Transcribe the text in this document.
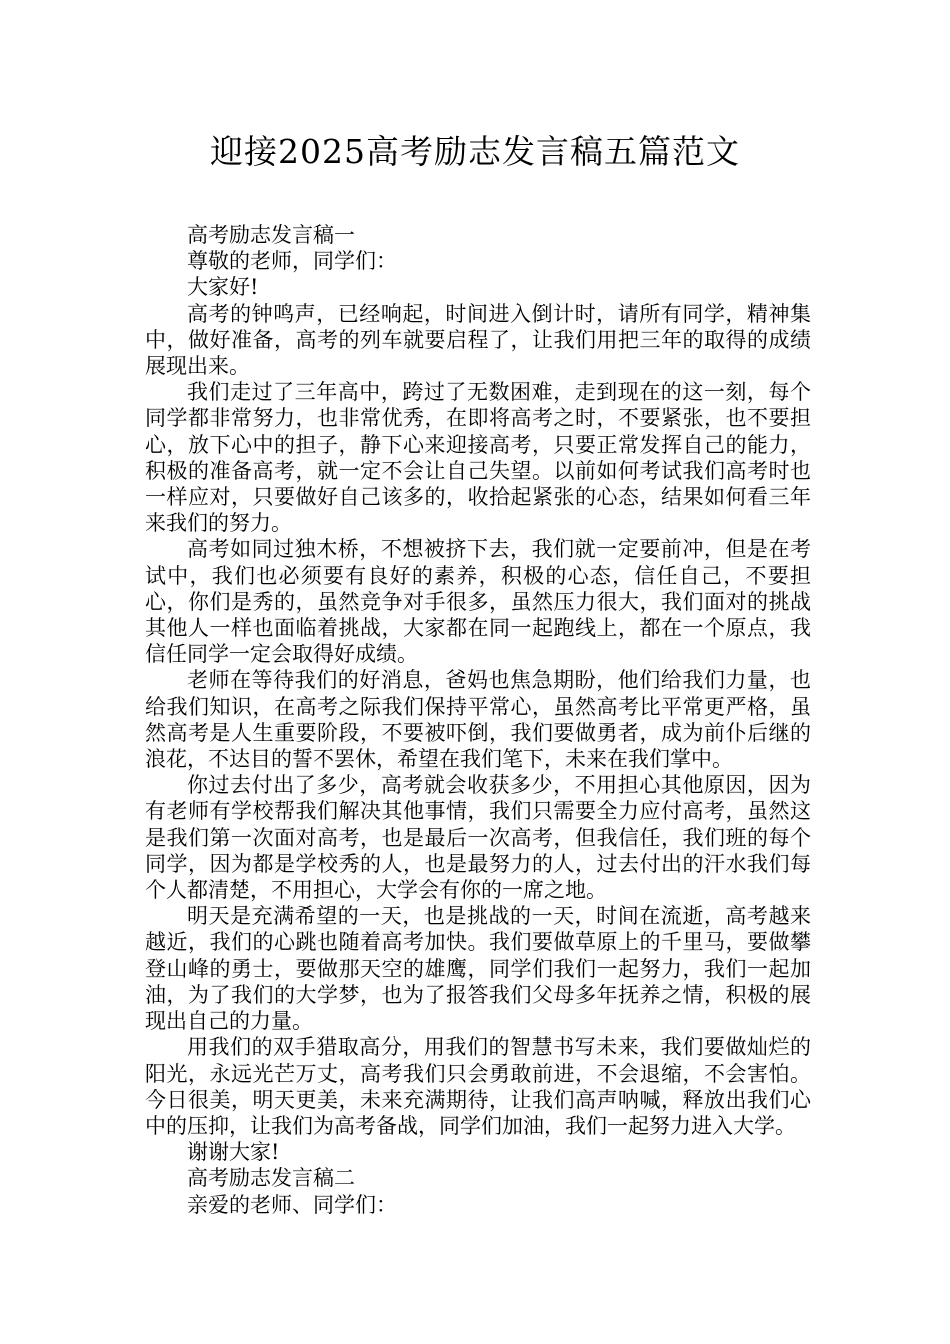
迎接2025高考励志发言稿五篇范文

高考励志发言稿一

尊敬的老师，同学们：

大家好!

高考的钟鸣声，已经响起，时间进入倒计时，请所有同学，精神集中，做好准备，高考的列车就要启程了，让我们用把三年的取得的成绩展现出来。

我们走过了三年高中，跨过了无数困难，走到现在的这一刻，每个同学都非常努力，也非常优秀，在即将高考之时，不要紧张，也不要担心，放下心中的担子，静下心来迎接高考，只要正常发挥自己的能力，积极的准备高考，就一定不会让自己失望。以前如何考试我们高考时也一样应对，只要做好自己该多的，收拾起紧张的心态，结果如何看三年来我们的努力。

高考如同过独木桥，不想被挤下去，我们就一定要前冲，但是在考试中，我们也必须要有良好的素养，积极的心态，信任自己，不要担心，你们是秀的，虽然竞争对手很多，虽然压力很大，我们面对的挑战其他人一样也面临着挑战，大家都在同一起跑线上，都在一个原点，我信任同学一定会取得好成绩。

老师在等待我们的好消息，爸妈也焦急期盼，他们给我们力量，也给我们知识，在高考之际我们保持平常心，虽然高考比平常更严格，虽然高考是人生重要阶段，不要被吓倒，我们要做勇者，成为前仆后继的浪花，不达目的誓不罢休，希望在我们笔下，未来在我们掌中。

你过去付出了多少，高考就会收获多少，不用担心其他原因，因为有老师有学校帮我们解决其他事情，我们只需要全力应付高考，虽然这是我们第一次面对高考，也是最后一次高考，但我信任，我们班的每个同学，因为都是学校秀的人，也是最努力的人，过去付出的汗水我们每个人都清楚，不用担心，大学会有你的一席之地。

明天是充满希望的一天，也是挑战的一天，时间在流逝，高考越来越近，我们的心跳也随着高考加快。我们要做草原上的千里马，要做攀登山峰的勇士，要做那天空的雄鹰，同学们我们一起努力，我们一起加油，为了我们的大学梦，也为了报答我们父母多年抚养之情，积极的展现出自己的力量。

用我们的双手猎取高分，用我们的智慧书写未来，我们要做灿烂的阳光，永远光芒万丈，高考我们只会勇敢前进，不会退缩，不会害怕。今日很美，明天更美，未来充满期待，让我们高声呐喊，释放出我们心中的压抑，让我们为高考备战，同学们加油，我们一起努力进入大学。

谢谢大家!

高考励志发言稿二

亲爱的老师、同学们：
